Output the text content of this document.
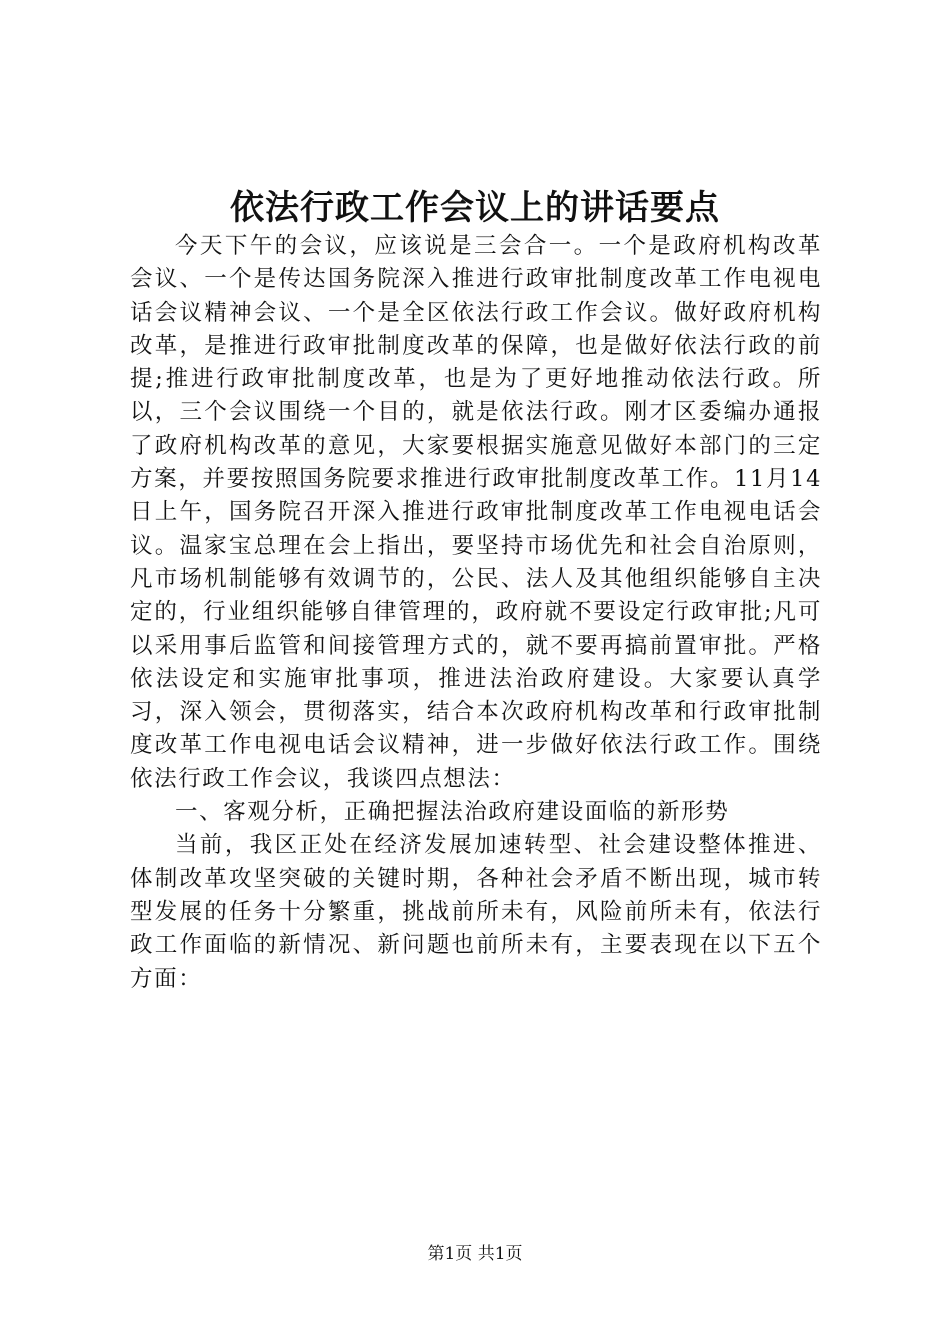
依法行政工作会议上的讲话要点

今天下午的会议，应该说是三会合一。一个是政府机构改革会议、一个是传达国务院深入推进行政审批制度改革工作电视电话会议精神会议、一个是全区依法行政工作会议。做好政府机构改革，是推进行政审批制度改革的保障，也是做好依法行政的前提;推进行政审批制度改革，也是为了更好地推动依法行政。所以，三个会议围绕一个目的，就是依法行政。刚才区委编办通报了政府机构改革的意见，大家要根据实施意见做好本部门的三定方案，并要按照国务院要求推进行政审批制度改革工作。11月14日上午，国务院召开深入推进行政审批制度改革工作电视电话会议。温家宝总理在会上指出，要坚持市场优先和社会自治原则，凡市场机制能够有效调节的，公民、法人及其他组织能够自主决定的，行业组织能够自律管理的，政府就不要设定行政审批;凡可以采用事后监管和间接管理方式的，就不要再搞前置审批。严格依法设定和实施审批事项，推进法治政府建设。大家要认真学习，深入领会，贯彻落实，结合本次政府机构改革和行政审批制度改革工作电视电话会议精神，进一步做好依法行政工作。围绕依法行政工作会议，我谈四点想法：

一、客观分析，正确把握法治政府建设面临的新形势

当前，我区正处在经济发展加速转型、社会建设整体推进、体制改革攻坚突破的关键时期，各种社会矛盾不断出现，城市转型发展的任务十分繁重，挑战前所未有，风险前所未有，依法行政工作面临的新情况、新问题也前所未有，主要表现在以下五个方面：

第1页 共1页
